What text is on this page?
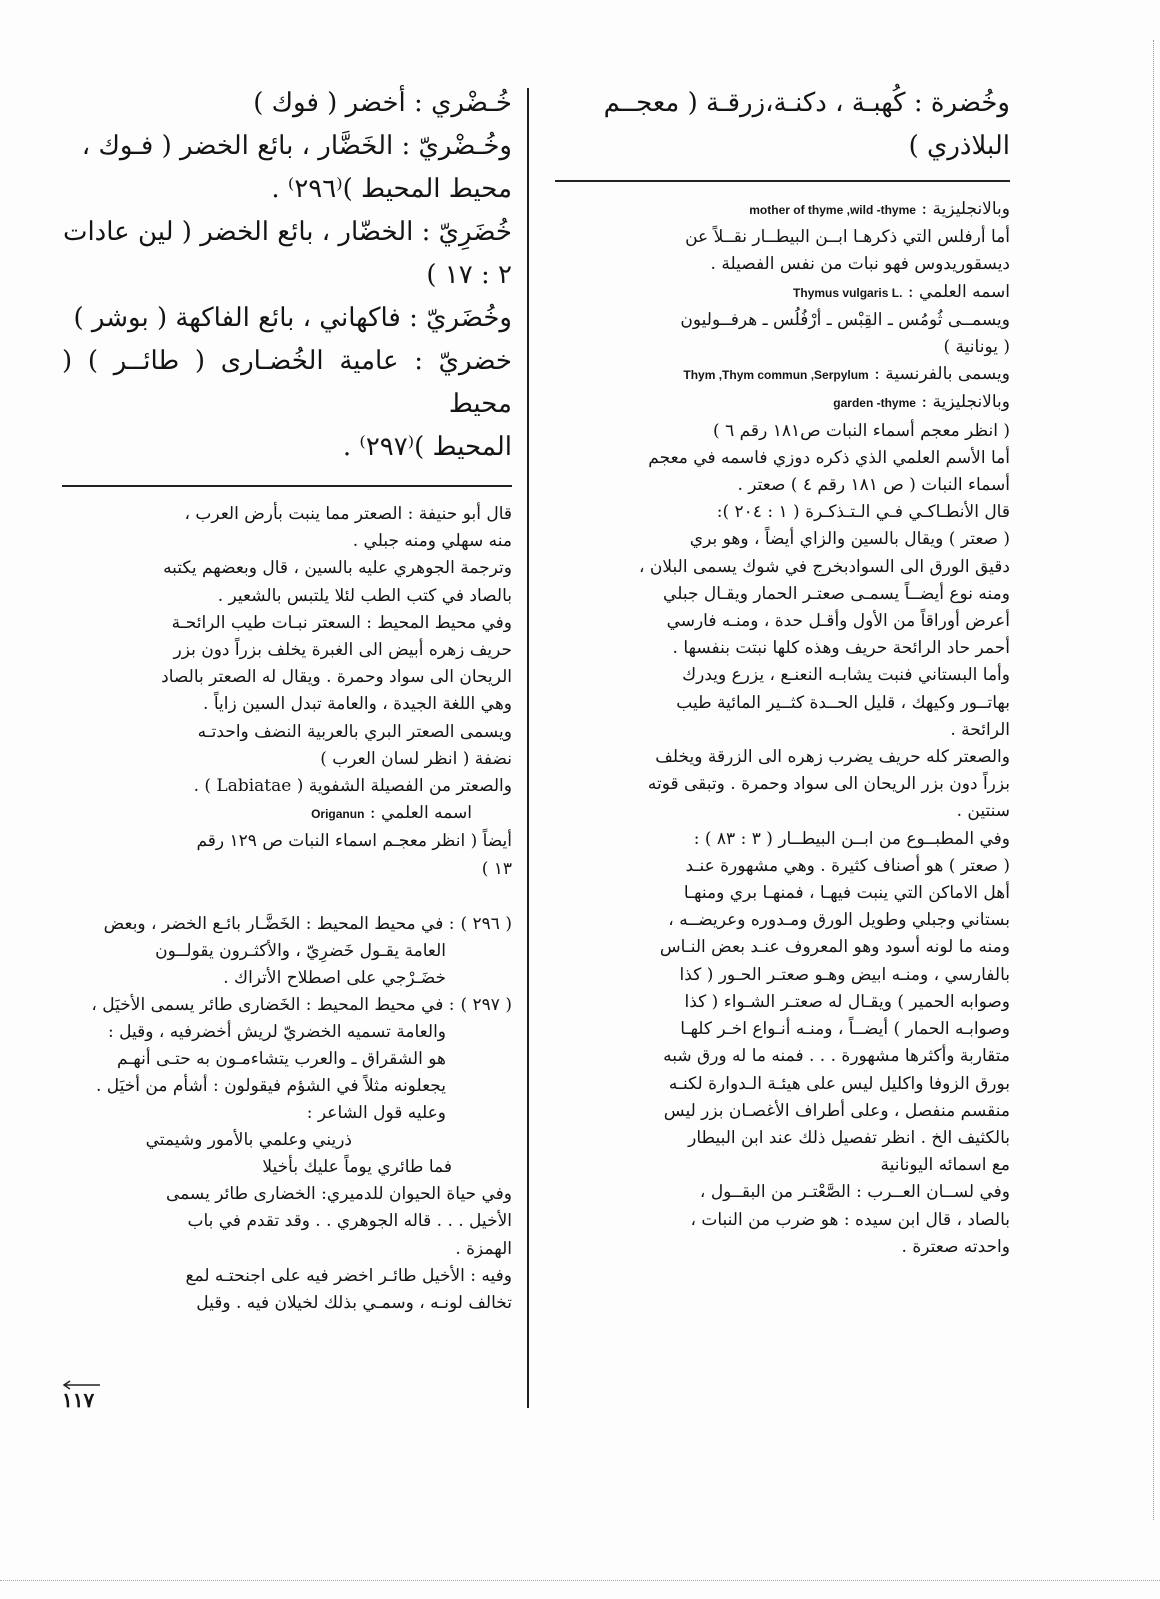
وخُضرة : كُهبـة ، دكنـة،زرقـة ( معجــم

البلاذري )

وبالانجليزية : mother of thyme ,wild -thyme

أما أرفلس التي ذكرهـا ابــن البيطــار نقــلاً عن

ديسقوريدوس فهو نبات من نفس الفصيلة .

اسمه العلمي : Thymus vulgaris L.

ويسمــى ثُومُس ـ القِبْس ـ أرْفُلُس ـ هرفــوليون

( يونانية )

ويسمى بالفرنسية : Thym ,Thym commun ,Serpylum

وبالانجليزية : garden -thyme

( انظر معجم أسماء النبات ص١٨١ رقم ٦ )

أما الأسم العلمي الذي ذكره دوزي فاسمه في معجم

أسماء النبات ( ص ١٨١ رقم ٤ ) صعتر .

قال الأنطـاكـي فـي الـتـذكـرة ( ١ : ٢٠٤ ):

( صعتر ) ويقال بالسين والزاي أيضاً ، وهو بري

دقيق الورق الى السوادبخرج في شوك يسمى البلان ،

ومنه نوع أيضــاً يسمـى صعتـر الحمار ويقـال جبلي

أعرض أوراقاً من الأول وأقـل حدة ، ومنـه فارسي

أحمر حاد الرائحة حريف وهذه كلها نبتت بنفسها .

وأما البستاني فنبت يشابـه النعنـع ، يزرع ويدرك

بهاتــور وكيهك ، قليل الحــدة كثــير المائية طيب

الرائحة .

والصعتر كله حريف يضرب زهره الى الزرقة ويخلف

بزراً دون بزر الريحان الى سواد وحمرة . وتبقى قوته

سنتين .

وفي المطبــوع من ابــن البيطــار ( ٣ : ٨٣ ) :

( صعتر ) هو أصناف كثيرة . وهي مشهورة عنـد

أهل الاماكن التي ينبت فيهـا ، فمنهـا بري ومنهـا

بستاني وجبلي وطويل الورق ومـدوره وعريضــه ،

ومنه ما لونه أسود وهو المعروف عنـد بعض النـاس

بالفارسي ، ومنـه ابيض وهـو صعتـر الحـور ( كذا

وصوابه الحمير ) ويقـال له صعتـر الشـواء ( كذا

وصوابـه الحمار ) أيضــاً ، ومنـه أنـواع اخـر كلهـا

متقاربة وأكثرها مشهورة . . . فمنه ما له ورق شبه

بورق الزوفا واكليل ليس على هيئـة الـدوارة لكنـه

منقسم منفصل ، وعلى أطراف الأغصـان بزر ليس

بالكثيف الخ . انظر تفصيل ذلك عند ابن البيطار

مع اسمائه اليونانية

وفي لســان العــرب : الصَّعْتـر من البقــول ،

بالصاد ، قال ابن سيده : هو ضرب من النبات ،

واحدته صعترة .

خُـضْري : أخضر ( فوك )

وخُـضْريّ : الخَضَّار ، بائع الخضر ( فـوك ،

محيط المحيط )⁽٢٩٦⁾ .

خُضَرِيّ : الخضّار ، بائع الخضر ( لين عادات

٢ : ١٧ )

وخُضَريّ : فاكهاني ، بائع الفاكهة ( بوشر )

خضريّ : عامية الخُضـارى ( طائــر ) ( محيط

المحيط )⁽٢٩٧⁾ .

قال أبو حنيفة : الصعتر مما ينبت بأرض العرب ،

منه سهلي ومنه جبلي .

وترجمة الجوهري عليه بالسين ، قال وبعضهم يكتبه

بالصاد في كتب الطب لئلا يلتبس بالشعير .

وفي محيط المحيط : السعتر نبـات طيب الرائحـة

حريف زهره أبيض الى الغبرة يخلف بزراً دون بزر

الريحان الى سواد وحمرة . ويقال له الصعتر بالصاد

وهي اللغة الجيدة ، والعامة تبدل السين زاياً .

ويسمى الصعتر البري بالعربية النضف واحدتـه

نضفة ( انظر لسان العرب )

والصعتر من الفصيلة الشفوية ( Labiatae ) .

اسمه العلمي : Origanun

أيضاً ( انظر معجـم اسماء النبات ص ١٢٩ رقم

١٣ )

( ٢٩٦ ): في محيط المحيط : الخَضَّـار بائـع الخضر ، وبعض

العامة يقـول خَضرِيّ ، والأكثـرون يقولــون

خضَـرْجي على اصطلاح الأتراك .

( ٢٩٧ ): في محيط المحيط : الخَضارى طائر يسمى الأخيَل ،

والعامة تسميه الخضريّ لريش أخضرفيه ، وقيل :

هو الشقراق ـ والعرب يتشاءمـون به حتـى أنهـم

يجعلونه مثلاً في الشؤم فيقولون : أشأم من أخيَل .

وعليه قول الشاعر :

ذريني وعلمي بالأمور وشيمتي

فما طائري يوماً عليك بأخيلا

وفي حياة الحيوان للدميري: الخضارى طائر يسمى

الأخيل . . . قاله الجوهري . . وقد تقدم في باب

الهمزة .

وفيه : الأخيل طائـر اخضر فيه على اجنحتـه لمع

تخالف لونـه ، وسمـي بذلك لخيلان فيه . وقيل

١١٧
